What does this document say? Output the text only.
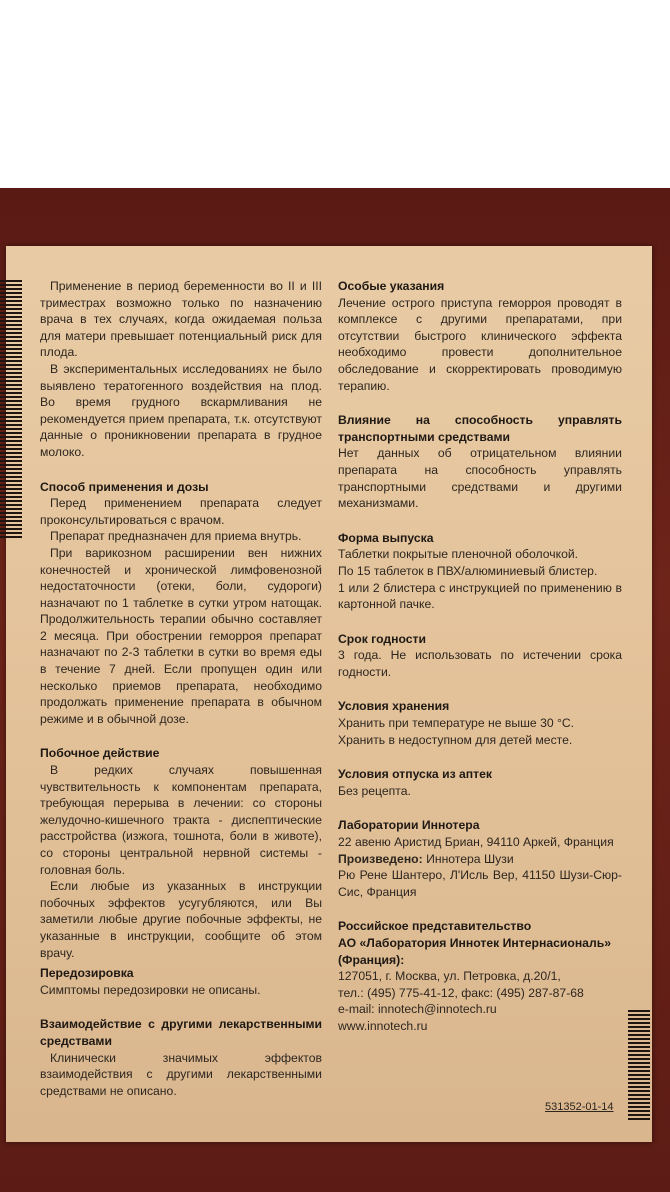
Применение в период беременности во II и III триместрах возможно только по назначению врача в тех случаях, когда ожидаемая польза для матери превышает потенциальный риск для плода.

В экспериментальных исследованиях не было выявлено тератогенного воздействия на плод. Во время грудного вскармливания не рекомендуется прием препарата, т.к. отсутствуют данные о проникновении препарата в грудное молоко.

Способ применения и дозы

Перед применением препарата следует проконсультироваться с врачом.

Препарат предназначен для приема внутрь.

При варикозном расширении вен нижних конечностей и хронической лимфовенозной недостаточности (отеки, боли, судороги) назначают по 1 таблетке в сутки утром натощак. Продолжительность терапии обычно составляет 2 месяца. При обострении геморроя препарат назначают по 2-3 таблетки в сутки во время еды в течение 7 дней. Если пропущен один или несколько приемов препарата, необходимо продолжать применение препарата в обычном режиме и в обычной дозе.

Побочное действие

В редких случаях повышенная чувствительность к компонентам препарата, требующая перерыва в лечении: со стороны желудочно-кишечного тракта - диспептические расстройства (изжога, тошнота, боли в животе), со стороны центральной нервной системы - головная боль.

Если любые из указанных в инструкции побочных эффектов усугубляются, или Вы заметили любые другие побочные эффекты, не указанные в инструкции, сообщите об этом врачу.

Передозировка

Симптомы передозировки не описаны.

Взаимодействие с другими лекарственными средствами

Клинически значимых эффектов взаимодействия с другими лекарственными средствами не описано.

Особые указания

Лечение острого приступа геморроя проводят в комплексе с другими препаратами, при отсутствии быстрого клинического эффекта необходимо провести дополнительное обследование и скорректировать проводимую терапию.

Влияние на способность управлять транспортными средствами

Нет данных об отрицательном влиянии препарата на способность управлять транспортными средствами и другими механизмами.

Форма выпуска

Таблетки покрытые пленочной оболочкой.

По 15 таблеток в ПВХ/алюминиевый блистер.

1 или 2 блистера с инструкцией по применению в картонной пачке.

Срок годности

3 года. Не использовать по истечении срока годности.

Условия хранения

Хранить при температуре не выше 30 °С.

Хранить в недоступном для детей месте.

Условия отпуска из аптек

Без рецепта.

Лаборатории Иннотера

22 авеню Аристид Бриан, 94110 Аркей, Франция

Произведено: Иннотера Шузи

Рю Рене Шантеро, Л'Исль Вер, 41150 Шузи-Сюр-Сис, Франция

Российское представительство

АО «Лаборатория Иннотек Интернасиональ» (Франция):

127051, г. Москва, ул. Петровка, д.20/1,

тел.: (495) 775-41-12, факс: (495) 287-87-68

e-mail: innotech@innotech.ru

www.innotech.ru

531352-01-14
